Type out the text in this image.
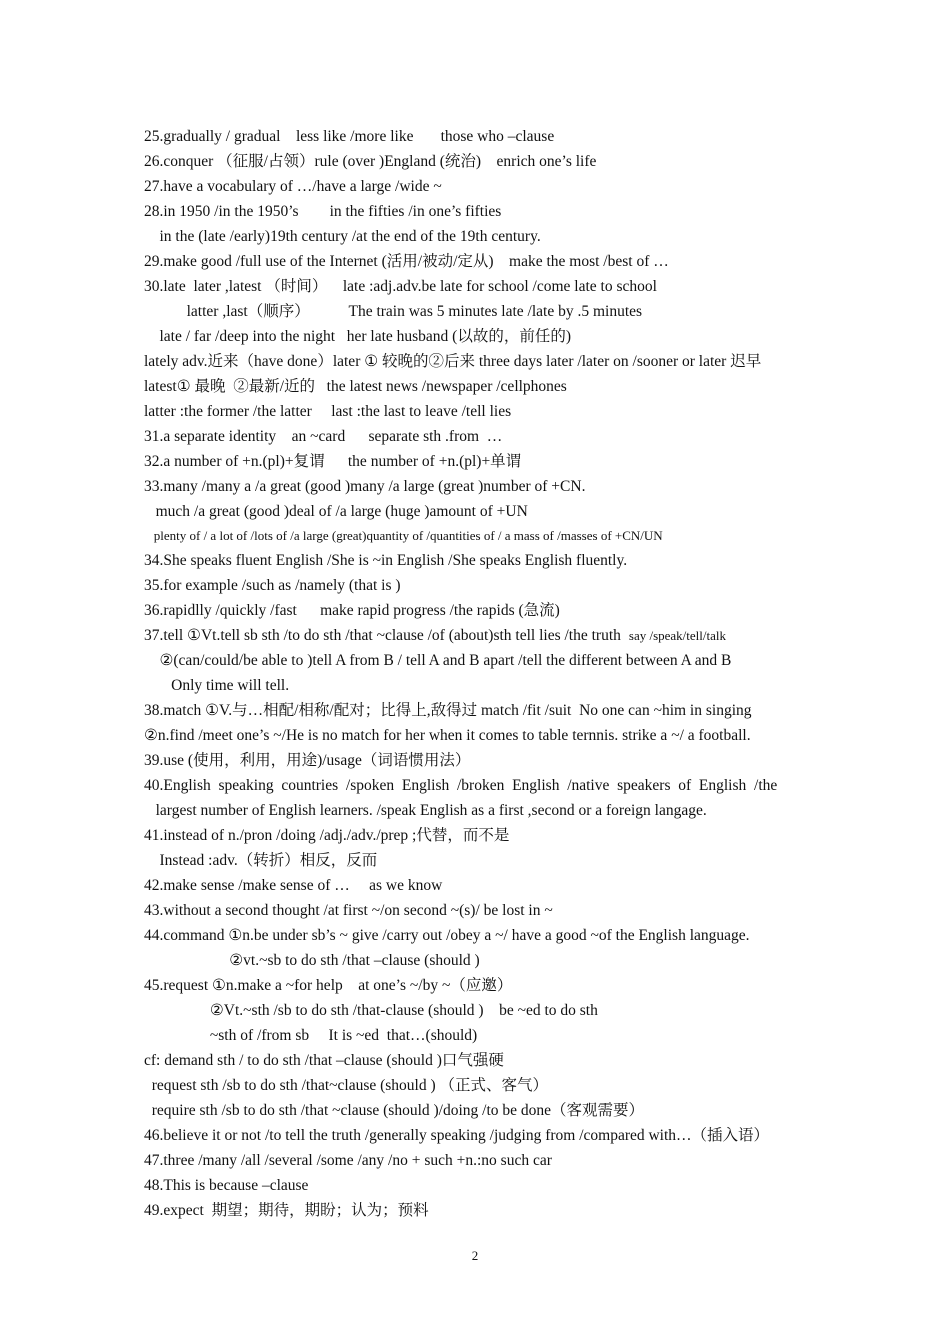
25.gradually / gradual    less like /more like       those who –clause
26.conquer （征服/占领）rule (over )England (统治)    enrich one’s life
27.have a vocabulary of …/have a large /wide ~
28.in 1950 /in the 1950’s        in the fifties /in one’s fifties
in the (late /early)19th century /at the end of the 19th century.
29.make good /full use of the Internet (活用/被动/定从)    make the most /best of …
30.late  later ,latest （时间）    late :adj.adv.be late for school /come late to school
latter ,last（顺序）          The train was 5 minutes late /late by .5 minutes
late / far /deep into the night   her late husband (以故的，前任的)
lately adv.近来（have done）later ① 较晚的②后来 three days later /later on /sooner or later 迟早
latest① 最晚  ②最新/近的   the latest news /newspaper /cellphones
latter :the former /the latter     last :the last to leave /tell lies
31.a separate identity    an ~card      separate sth .from  …
32.a number of +n.(pl)+复谓      the number of +n.(pl)+单谓
33.many /many a /a great (good )many /a large (great )number of +CN.
much /a great (good )deal of /a large (huge )amount of +UN
plenty of / a lot of /lots of /a large (great)quantity of /quantities of / a mass of /masses of +CN/UN
34.She speaks fluent English /She is ~in English /She speaks English fluently.
35.for example /such as /namely (that is )
36.rapidlly /quickly /fast      make rapid progress /the rapids (急流)
37.tell ①Vt.tell sb sth /to do sth /that ~clause /of (about)sth tell lies /the truth say /speak/tell/talk
②(can/could/be able to )tell A from B / tell A and B apart /tell the different between A and B
Only time will tell.
38.match ①V.与…相配/相称/配对；比得上,敌得过 match /fit /suit  No one can ~him in singing
②n.find /meet one’s ~/He is no match for her when it comes to table ternnis. strike a ~/ a football.
39.use (使用，利用，用途)/usage（词语惯用法）
40.English  speaking  countries  /spoken  English  /broken  English  /native  speakers  of  English  /the
largest number of English learners. /speak English as a first ,second or a foreign langage.
41.instead of n./pron /doing /adj./adv./prep ;代替，而不是
Instead :adv.（转折）相反，反而
42.make sense /make sense of …     as we know
43.without a second thought /at first ~/on second ~(s)/ be lost in ~
44.command ①n.be under sb’s ~ give /carry out /obey a ~/ have a good ~of the English language.
②vt.~sb to do sth /that –clause (should )
45.request ①n.make a ~for help    at one’s ~/by ~（应邀）
②Vt.~sth /sb to do sth /that-clause (should )    be ~ed to do sth
~sth of /from sb     It is ~ed  that…(should)
cf: demand sth / to do sth /that –clause (should )口气强硬
request sth /sb to do sth /that~clause (should ) （正式、客气）
require sth /sb to do sth /that ~clause (should )/doing /to be done（客观需要）
46.believe it or not /to tell the truth /generally speaking /judging from /compared with…（插入语）
47.three /many /all /several /some /any /no + such +n.:no such car
48.This is because –clause
49.expect  期望；期待，期盼；认为；预料
2
